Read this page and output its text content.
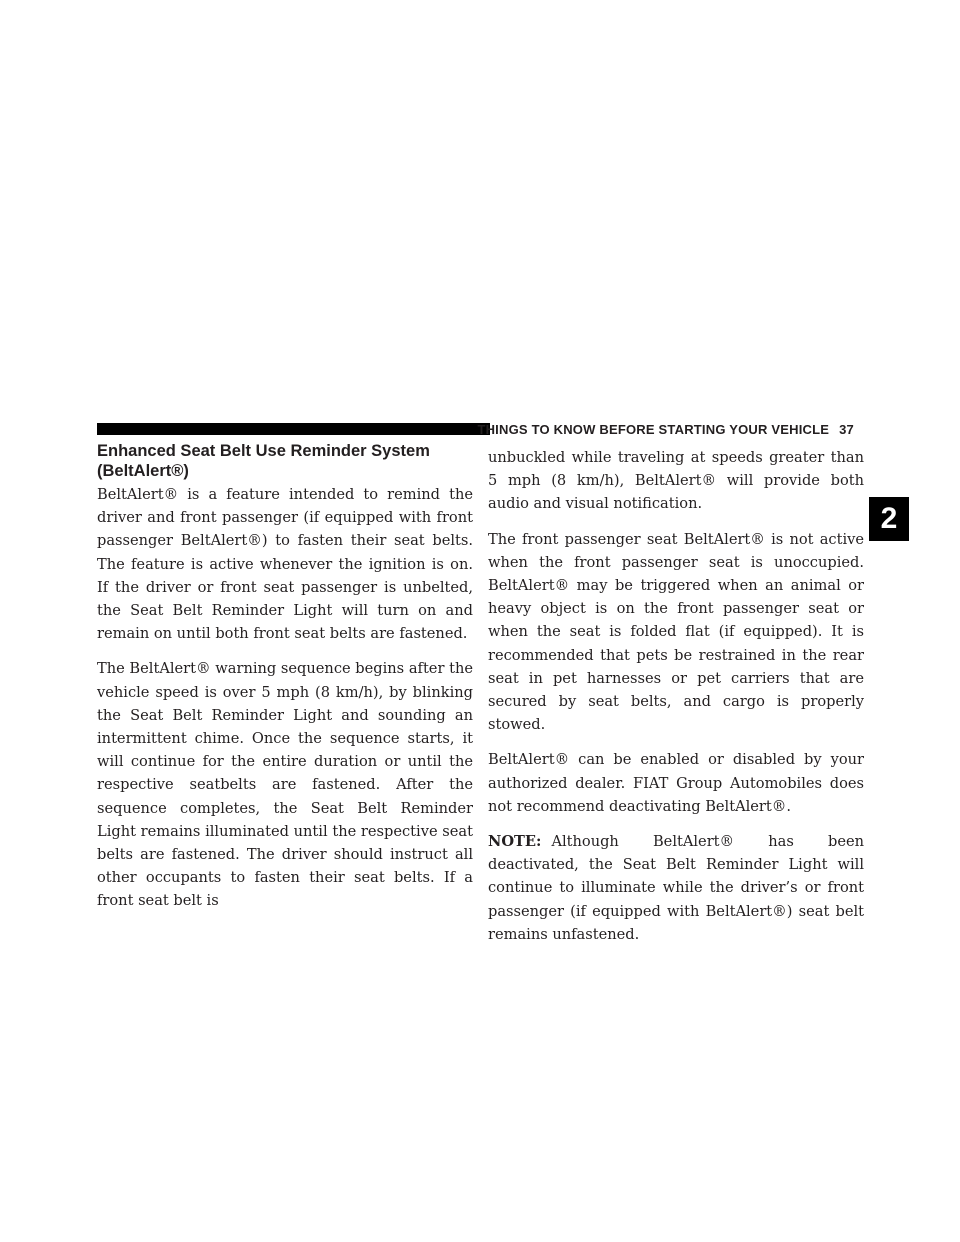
THINGS TO KNOW BEFORE STARTING YOUR VEHICLE 37
2
Enhanced Seat Belt Use Reminder System (BeltAlert®)

BeltAlert® is a feature intended to remind the driver and front passenger (if equipped with front passenger BeltAlert®) to fasten their seat belts. The feature is active whenever the ignition is on. If the driver or front seat passenger is unbelted, the Seat Belt Reminder Light will turn on and remain on until both front seat belts are fastened.

The BeltAlert® warning sequence begins after the vehicle speed is over 5 mph (8 km/h), by blinking the Seat Belt Reminder Light and sounding an intermittent chime. Once the sequence starts, it will continue for the entire duration or until the respective seatbelts are fastened. After the sequence completes, the Seat Belt Reminder Light remains illuminated until the respective seat belts are fastened. The driver should instruct all other occupants to fasten their seat belts. If a front seat belt is

unbuckled while traveling at speeds greater than 5 mph (8 km/h), BeltAlert® will provide both audio and visual notification.

The front passenger seat BeltAlert® is not active when the front passenger seat is unoccupied. BeltAlert® may be triggered when an animal or heavy object is on the front passenger seat or when the seat is folded flat (if equipped). It is recommended that pets be restrained in the rear seat in pet harnesses or pet carriers that are secured by seat belts, and cargo is properly stowed.

BeltAlert® can be enabled or disabled by your authorized dealer. FIAT Group Automobiles does not recommend deactivating BeltAlert®.

NOTE: Although BeltAlert® has been deactivated, the Seat Belt Reminder Light will continue to illuminate while the driver’s or front passenger (if equipped with BeltAlert®) seat belt remains unfastened.
